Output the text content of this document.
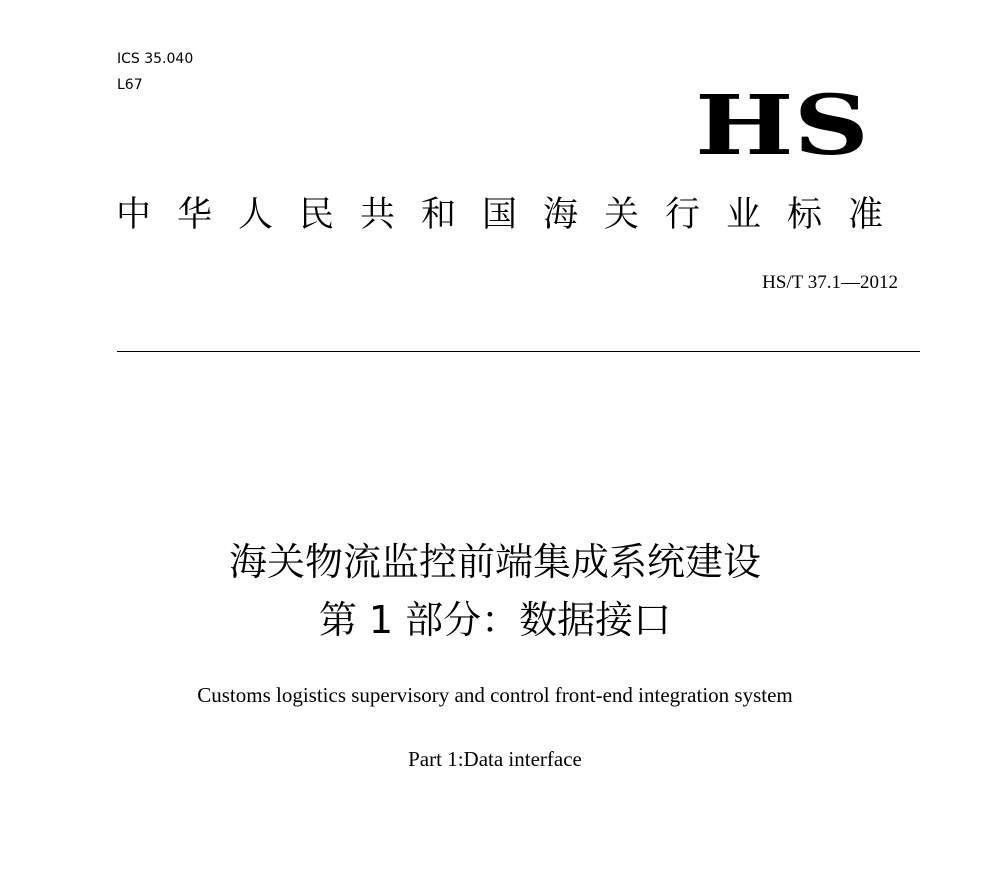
ICS 35.040
L67	HS
中华人民共和国海关行业标准
HS/T 37.1—2012
海关物流监控前端集成系统建设
第 1 部分：数据接口
Customs logistics supervisory and control front-end integration system
Part 1:Data interface
